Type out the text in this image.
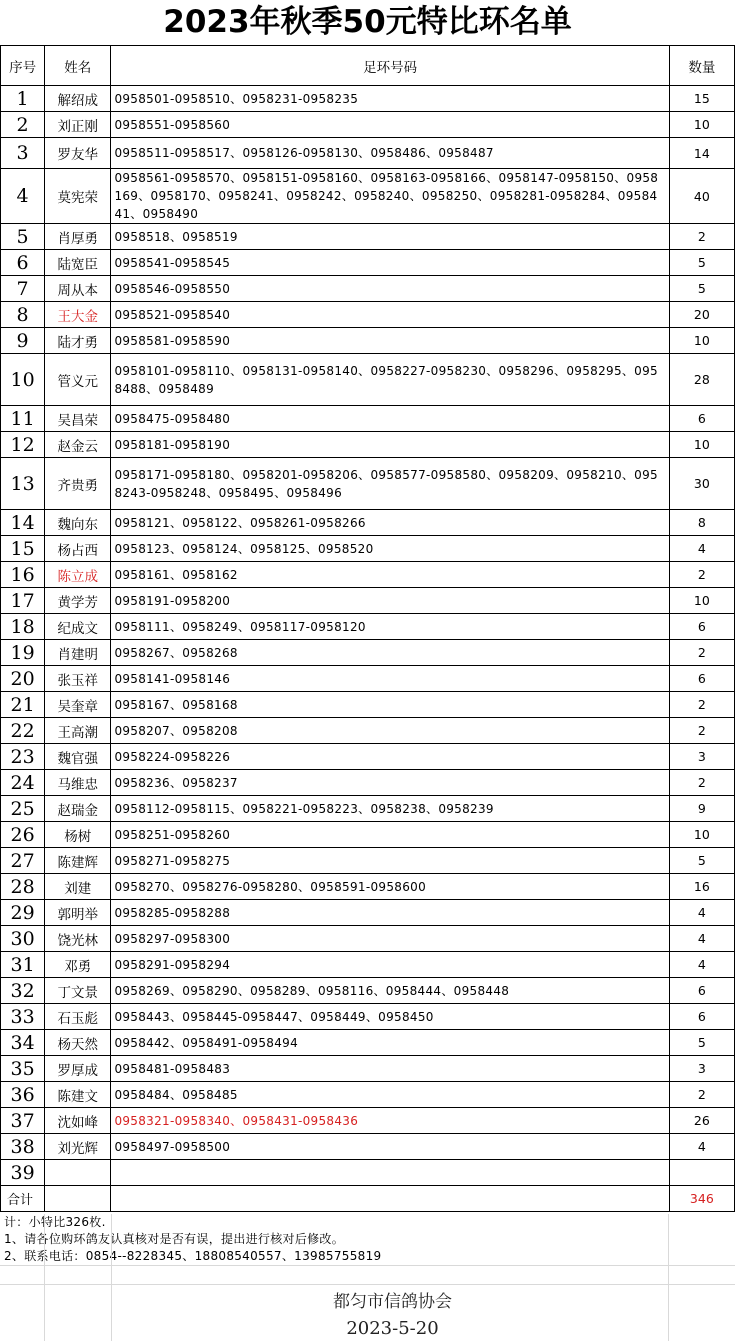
2023年秋季50元特比环名单
序号	姓名	足环号码	数量
1	解绍成	0958501-0958510、0958231-0958235	15
2	刘正刚	0958551-0958560	10
3	罗友华	0958511-0958517、0958126-0958130、0958486、0958487	14
4	莫宪荣	0958561-0958570、0958151-0958160、0958163-0958166、0958147-0958150、0958169、0958170、0958241、0958242、0958240、0958250、0958281-0958284、0958441、0958490	40
5	肖厚勇	0958518、0958519	2
6	陆宽臣	0958541-0958545	5
7	周从本	0958546-0958550	5
8	王大金	0958521-0958540	20
9	陆才勇	0958581-0958590	10
10	管义元	0958101-0958110、0958131-0958140、0958227-0958230、0958296、0958295、0958488、0958489	28
11	吴昌荣	0958475-0958480	6
12	赵金云	0958181-0958190	10
13	齐贵勇	0958171-0958180、0958201-0958206、0958577-0958580、0958209、0958210、0958243-0958248、0958495、0958496	30
14	魏向东	0958121、0958122、0958261-0958266	8
15	杨占西	0958123、0958124、0958125、0958520	4
16	陈立成	0958161、0958162	2
17	黄学芳	0958191-0958200	10
18	纪成文	0958111、0958249、0958117-0958120	6
19	肖建明	0958267、0958268	2
20	张玉祥	0958141-0958146	6
21	吴奎章	0958167、0958168	2
22	王高潮	0958207、0958208	2
23	魏官强	0958224-0958226	3
24	马维忠	0958236、0958237	2
25	赵瑞金	0958112-0958115、0958221-0958223、0958238、0958239	9
26	杨树	0958251-0958260	10
27	陈建辉	0958271-0958275	5
28	刘建	0958270、0958276-0958280、0958591-0958600	16
29	郭明举	0958285-0958288	4
30	饶光林	0958297-0958300	4
31	邓勇	0958291-0958294	4
32	丁文景	0958269、0958290、0958289、0958116、0958444、0958448	6
33	石玉彪	0958443、0958445-0958447、0958449、0958450	6
34	杨天然	0958442、0958491-0958494	5
35	罗厚成	0958481-0958483	3
36	陈建文	0958484、0958485	2
37	沈如峰	0958321-0958340、0958431-0958436	26
38	刘光辉	0958497-0958500	4
39			
合计			346
计：小特比326枚.
1、请各位购环鸽友认真核对是否有误，提出进行核对后修改。
2、联系电话：0854--8228345、18808540557、13985755819
都匀市信鸽协会
2023-5-20
